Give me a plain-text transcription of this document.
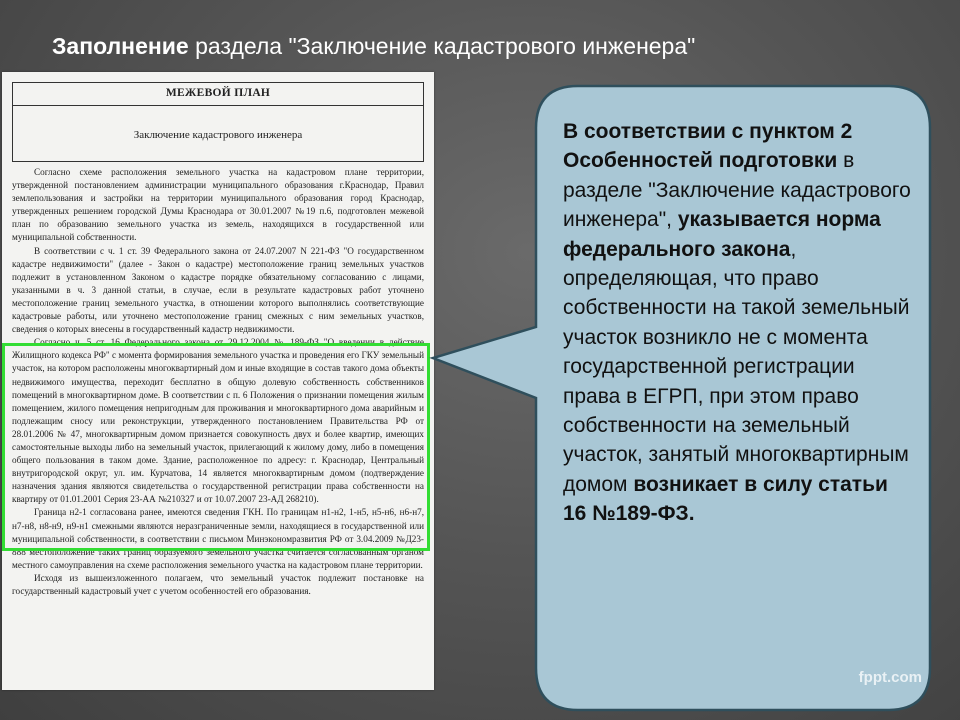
Заполнение раздела "Заключение кадастрового инженера"
МЕЖЕВОЙ ПЛАН
Заключение кадастрового инженера

Согласно схеме расположения земельного участка на кадастровом плане территории, утвержденной постановлением администрации муниципального образования г.Краснодар, Правил землепользования и застройки на территории муниципального образования город Краснодар, утвержденных решением городской Думы Краснодара от 30.01.2007 №19 п.6, подготовлен межевой план по образованию земельного участка из земель, находящихся в государственной или муниципальной собственности.

В соответствии с ч. 1 ст. 39 Федерального закона от 24.07.2007 N 221-ФЗ "О государственном кадастре недвижимости" (далее - Закон о кадастре) местоположение границ земельных участков подлежит в установленном Законом о кадастре порядке обязательному согласованию с лицами, указанными в ч. 3 данной статьи, в случае, если в результате кадастровых работ уточнено местоположение границ земельного участка, в отношении которого выполнялись соответствующие кадастровые работы, или уточнено местоположение границ смежных с ним земельных участков, сведения о которых внесены в государственный кадастр недвижимости.

Согласно ч. 5 ст. 16 Федерального закона от 29.12.2004 № 189-ФЗ "О введении в действие Жилищного кодекса РФ" с момента формирования земельного участка и проведения его ГКУ земельный участок, на котором расположены многоквартирный дом и иные входящие в состав такого дома объекты недвижимого имущества, переходит бесплатно в общую долевую собственность собственников помещений в многоквартирном доме. В соответствии с п. 6 Положения о признании помещения жилым помещением, жилого помещения непригодным для проживания и многоквартирного дома аварийным и подлежащим сносу или реконструкции, утвержденного постановлением Правительства РФ от 28.01.2006 № 47, многоквартирным домом признается совокупность двух и более квартир, имеющих самостоятельные выходы либо на земельный участок, прилегающий к жилому дому, либо в помещения общего пользования в таком доме. Здание, расположенное по адресу: г. Краснодар, Центральный внутригородской округ, ул. им. Курчатова, 14 является многоквартирным домом (подтверждение назначения здания являются свидетельства о государственной регистрации права собственности на квартиру от 01.01.2001 Серия 23-АА №210327 и от 10.07.2007 23-АД 268210).

Граница н2-1 согласована ранее, имеются сведения ГКН. По границам н1-н2, 1-н5, н5-н6, н6-н7, н7-н8, н8-н9, н9-н1 смежными являются неразграниченные земли, находящиеся в государственной или муниципальной собственности, в соответствии с письмом Минэкономразвития РФ от 3.04.2009 №Д23-888 местоположение таких границ образуемого земельного участка считается согласованным органом местного самоуправления на схеме расположения земельного участка на кадастровом плане территории.

Исходя из вышеизложенного полагаем, что земельный участок подлежит постановке на государственный кадастровый учет с учетом особенностей его образования.

В соответствии с пунктом 2 Особенностей подготовки в разделе "Заключение кадастрового инженера", указывается норма федерального закона, определяющая, что право собственности на такой земельный участок возникло не с момента государственной регистрации права в ЕГРП, при этом право собственности на земельный участок, занятый многоквартирным домом возникает в силу статьи 16 №189-ФЗ.
fppt.com
